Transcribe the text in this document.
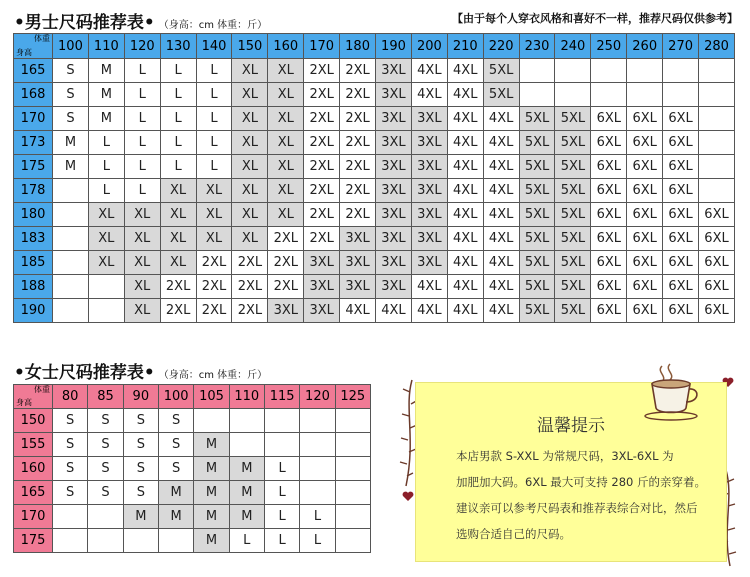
•男士尺码推荐表• （身高：cm 体重：斤）
【由于每个人穿衣风格和喜好不一样，推荐尺码仅供参考】
体重
身高	100	110	120	130	140	150	160	170	180	190	200	210	220	230	240	250	260	270	280
165	S	M	L	L	L	XL	XL	2XL	2XL	3XL	4XL	4XL	5XL						
168	S	M	L	L	L	XL	XL	2XL	2XL	3XL	4XL	4XL	5XL						
170	S	M	L	L	L	XL	XL	2XL	2XL	3XL	3XL	4XL	4XL	5XL	5XL	6XL	6XL	6XL	
173	M	L	L	L	L	XL	XL	2XL	2XL	3XL	3XL	4XL	4XL	5XL	5XL	6XL	6XL	6XL	
175	M	L	L	L	L	XL	XL	2XL	2XL	3XL	3XL	4XL	4XL	5XL	5XL	6XL	6XL	6XL	
178		L	L	XL	XL	XL	XL	2XL	2XL	3XL	3XL	4XL	4XL	5XL	5XL	6XL	6XL	6XL	
180		XL	XL	XL	XL	XL	XL	2XL	2XL	3XL	3XL	4XL	4XL	5XL	5XL	6XL	6XL	6XL	6XL
183		XL	XL	XL	XL	XL	2XL	2XL	3XL	3XL	3XL	4XL	4XL	5XL	5XL	6XL	6XL	6XL	6XL
185		XL	XL	XL	2XL	2XL	2XL	3XL	3XL	3XL	3XL	4XL	4XL	5XL	5XL	6XL	6XL	6XL	6XL
188			XL	2XL	2XL	2XL	2XL	3XL	3XL	3XL	4XL	4XL	4XL	5XL	5XL	6XL	6XL	6XL	6XL
190			XL	2XL	2XL	2XL	3XL	3XL	4XL	4XL	4XL	4XL	4XL	5XL	5XL	6XL	6XL	6XL	6XL
•女士尺码推荐表• （身高：cm 体重：斤）
体重
身高	80	85	90	100	105	110	115	120	125
150	S	S	S	S					
155	S	S	S	S	M				
160	S	S	S	S	M	M	L		
165	S	S	S	M	M	M	L		
170			M	M	M	M	L	L	
175					M	L	L	L	
温馨提示

本店男款 S-XXL 为常规尺码，3XL-6XL 为

加肥加大码。6XL 最大可支持 280 斤的亲穿着。

建议亲可以参考尺码表和推荐表综合对比，然后

选购合适自己的尺码。
